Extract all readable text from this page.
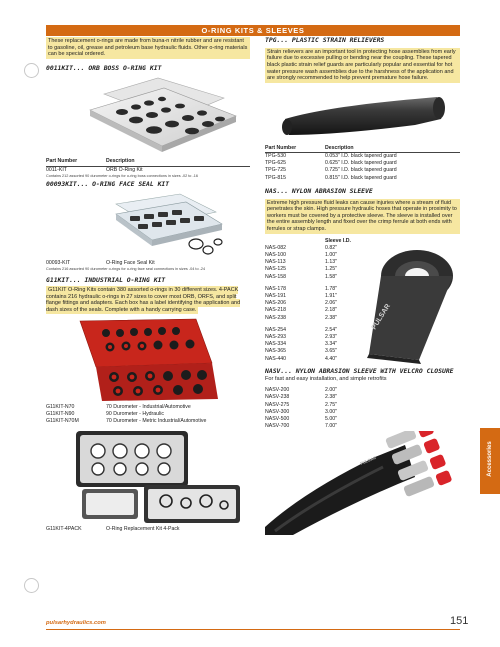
O-RING KITS & SLEEVES
Accessories
These replacement o-rings are made from buna-n nitrile rubber and are resistant to gasoline, oil, grease and petroleum base hydraulic fluids. Other o-ring materials can be special ordered.
0011KIT... ORB BOSS O-RING KIT
Part Number	Description
0011-KIT	ORB O-Ring Kit
Contains 212 assorted 90 durometer o-rings for o-ring boss connections in sizes -02 to -16
00093KIT... O-RING FACE SEAL KIT
00093-KIT	O-Ring Face Seal Kit
Contains 216 assorted 90 durometer o-rings for o-ring face seal connections in sizes -04 to -24
G11KIT... INDUSTRIAL O-RING KIT
G11KIT O-Ring Kits contain 380 assorted o-rings in 30 different sizes. 4-PACK contains 216 hydraulic o-rings in 27 sizes to cover most ORB, ORFS, and split flange fittings and adapters. Each box has a label identifying the application and dash sizes of the seals. Complete with a handy carrying case.
G11KIT-N70	70 Durometer - Industrial/Automotive
G11KIT-N90	90 Durometer - Hydraulic
G11KIT-N70M	70 Durometer - Metric Industrial/Automotive
G11KIT-4PACK	O-Ring Replacement Kit 4-Pack
TPG... PLASTIC STRAIN RELIEVERS
Strain relievers are an important tool in protecting hose assemblies from early failure due to excessive pulling or bending near the coupling. These tapered black plastic strain relief guards are particularly popular and essential for hot water pressure wash assemblies due to the harshness of the application and are strongly recommended to help prevent premature hose failure.
Part Number	Description
TPG-530	0.053" I.D. black tapered guard
TPG-625	0.625" I.D. black tapered guard
TPG-725	0.725" I.D. black tapered guard
TPG-815	0.815" I.D. black tapered guard
NAS... NYLON ABRASION SLEEVE
Extreme high pressure fluid leaks can cause injuries where a stream of fluid penetrates the skin. High pressure hydraulic hoses that operate in proximity to workers must be covered by a protective sleeve. The sleeve is installed over the entire assembly length and fixed over the crimp ferrule at both ends with ferrules or strap clamps.
Sleeve I.D.
NAS-082	0.82"
NAS-100	1.00"
NAS-113	1.13"
NAS-125	1.25"
NAS-158	1.58"
NAS-178	1.78"
NAS-191	1.91"
NAS-206	2.06"
NAS-218	2.18"
NAS-238	2.38"
NAS-254	2.54"
NAS-293	2.93"
NAS-334	3.34"
NAS-365	3.65"
NAS-440	4.40"
PULSAR
NASV... NYLON ABRASION SLEEVE WITH VELCRO CLOSURE
For fast and easy installation, and simple retrofits
NASV-200	2.00"
NASV-238	2.38"
NASV-275	2.75"
NASV-300	3.00"
NASV-500	5.00"
NASV-700	7.00"
PULSAR
pulsarhydraulics.com	151
